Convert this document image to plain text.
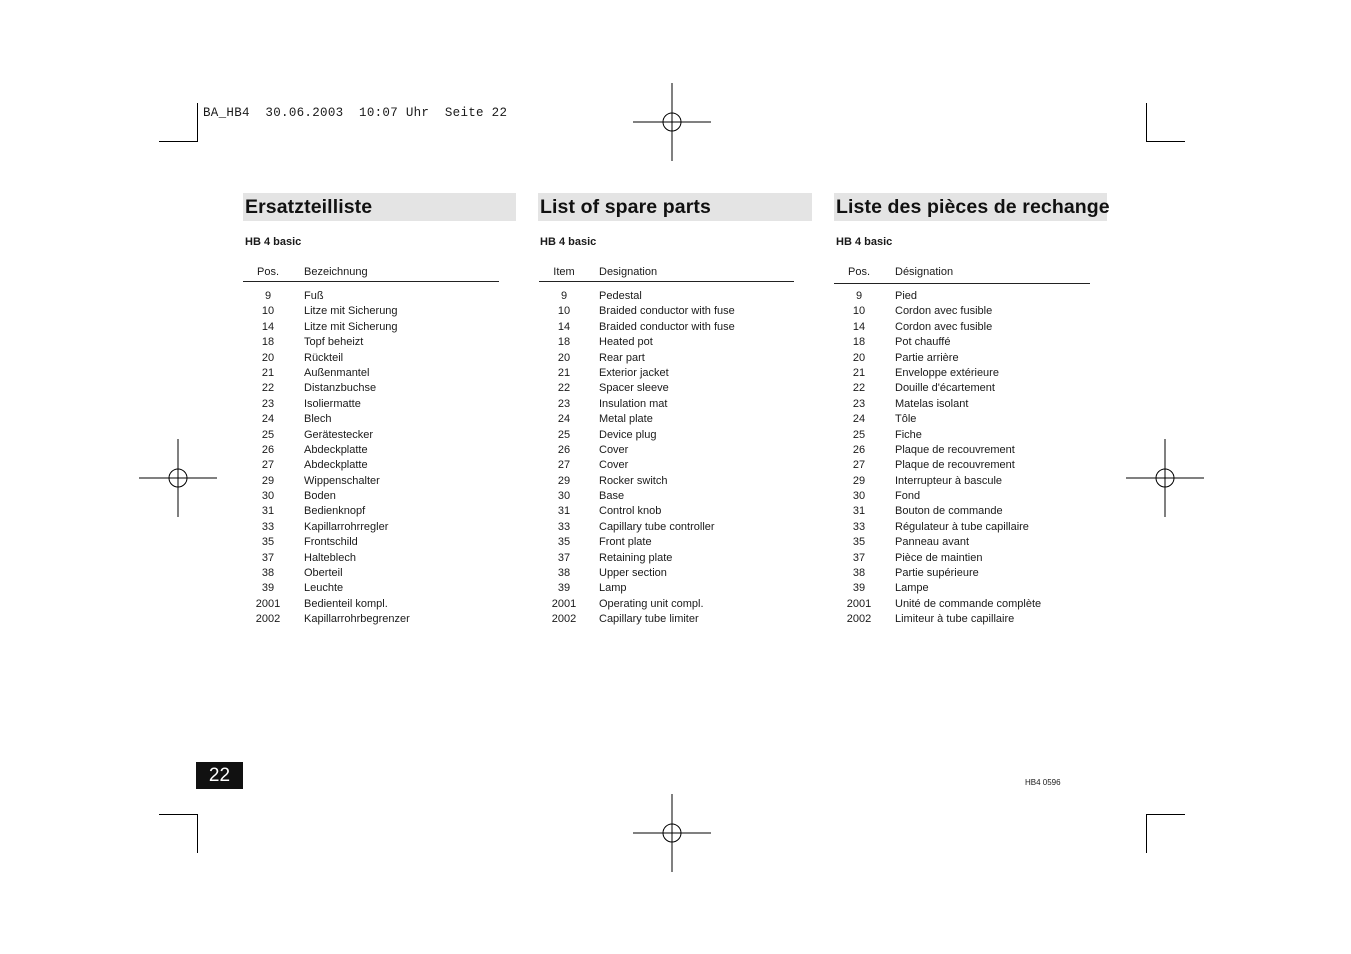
BA_HB4  30.06.2003  10:07 Uhr  Seite 22
Ersatzteilliste
HB 4 basic
Pos.	Bezeichnung
9	Fuß
10	Litze mit Sicherung
14	Litze mit Sicherung
18	Topf beheizt
20	Rückteil
21	Außenmantel
22	Distanzbuchse
23	Isoliermatte
24	Blech
25	Gerätestecker
26	Abdeckplatte
27	Abdeckplatte
29	Wippenschalter
30	Boden
31	Bedienknopf
33	Kapillarrohrregler
35	Frontschild
37	Halteblech
38	Oberteil
39	Leuchte
2001	Bedienteil kompl.
2002	Kapillarrohrbegrenzer
List of spare parts
HB 4 basic
Item	Designation
9	Pedestal
10	Braided conductor with fuse
14	Braided conductor with fuse
18	Heated pot
20	Rear part
21	Exterior jacket
22	Spacer sleeve
23	Insulation mat
24	Metal plate
25	Device plug
26	Cover
27	Cover
29	Rocker switch
30	Base
31	Control knob
33	Capillary tube controller
35	Front plate
37	Retaining plate
38	Upper section
39	Lamp
2001	Operating unit compl.
2002	Capillary tube limiter
Liste des pièces de rechange
HB 4 basic
Pos.	Désignation
9	Pied
10	Cordon avec fusible
14	Cordon avec fusible
18	Pot chauffé
20	Partie arrière
21	Enveloppe extérieure
22	Douille d'écartement
23	Matelas isolant
24	Tôle
25	Fiche
26	Plaque de recouvrement
27	Plaque de recouvrement
29	Interrupteur à bascule
30	Fond
31	Bouton de commande
33	Régulateur à tube capillaire
35	Panneau avant
37	Pièce de maintien
38	Partie supérieure
39	Lampe
2001	Unité de commande complète
2002	Limiteur à tube capillaire
22	HB4 0596
